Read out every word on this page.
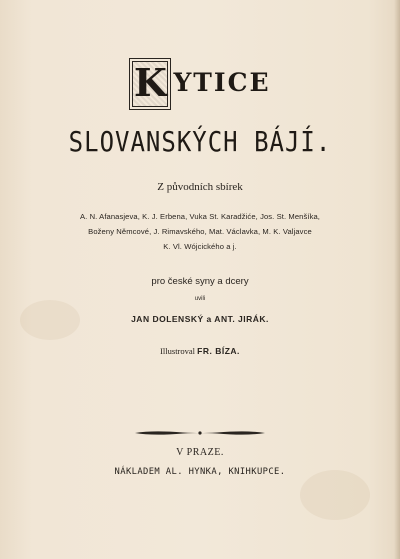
K YTICE
SLOVANSKÝCH BÁJÍ.
Z původních sbírek
A. N. Afanasjeva, K. J. Erbena, Vuka St. Karadžiće, Jos. St. Menšíka,
Boženy Němcové, J. Rimavského, Mat. Václavka, M. K. Valjavce
K. Vl. Wójcického a j.
pro české syny a dcery
uvili
JAN DOLENSKÝ a ANT. JIRÁK.
Illustroval FR. BÍZA.
V PRAZE.
NÁKLADEM AL. HYNKA, KNIHKUPCE.
